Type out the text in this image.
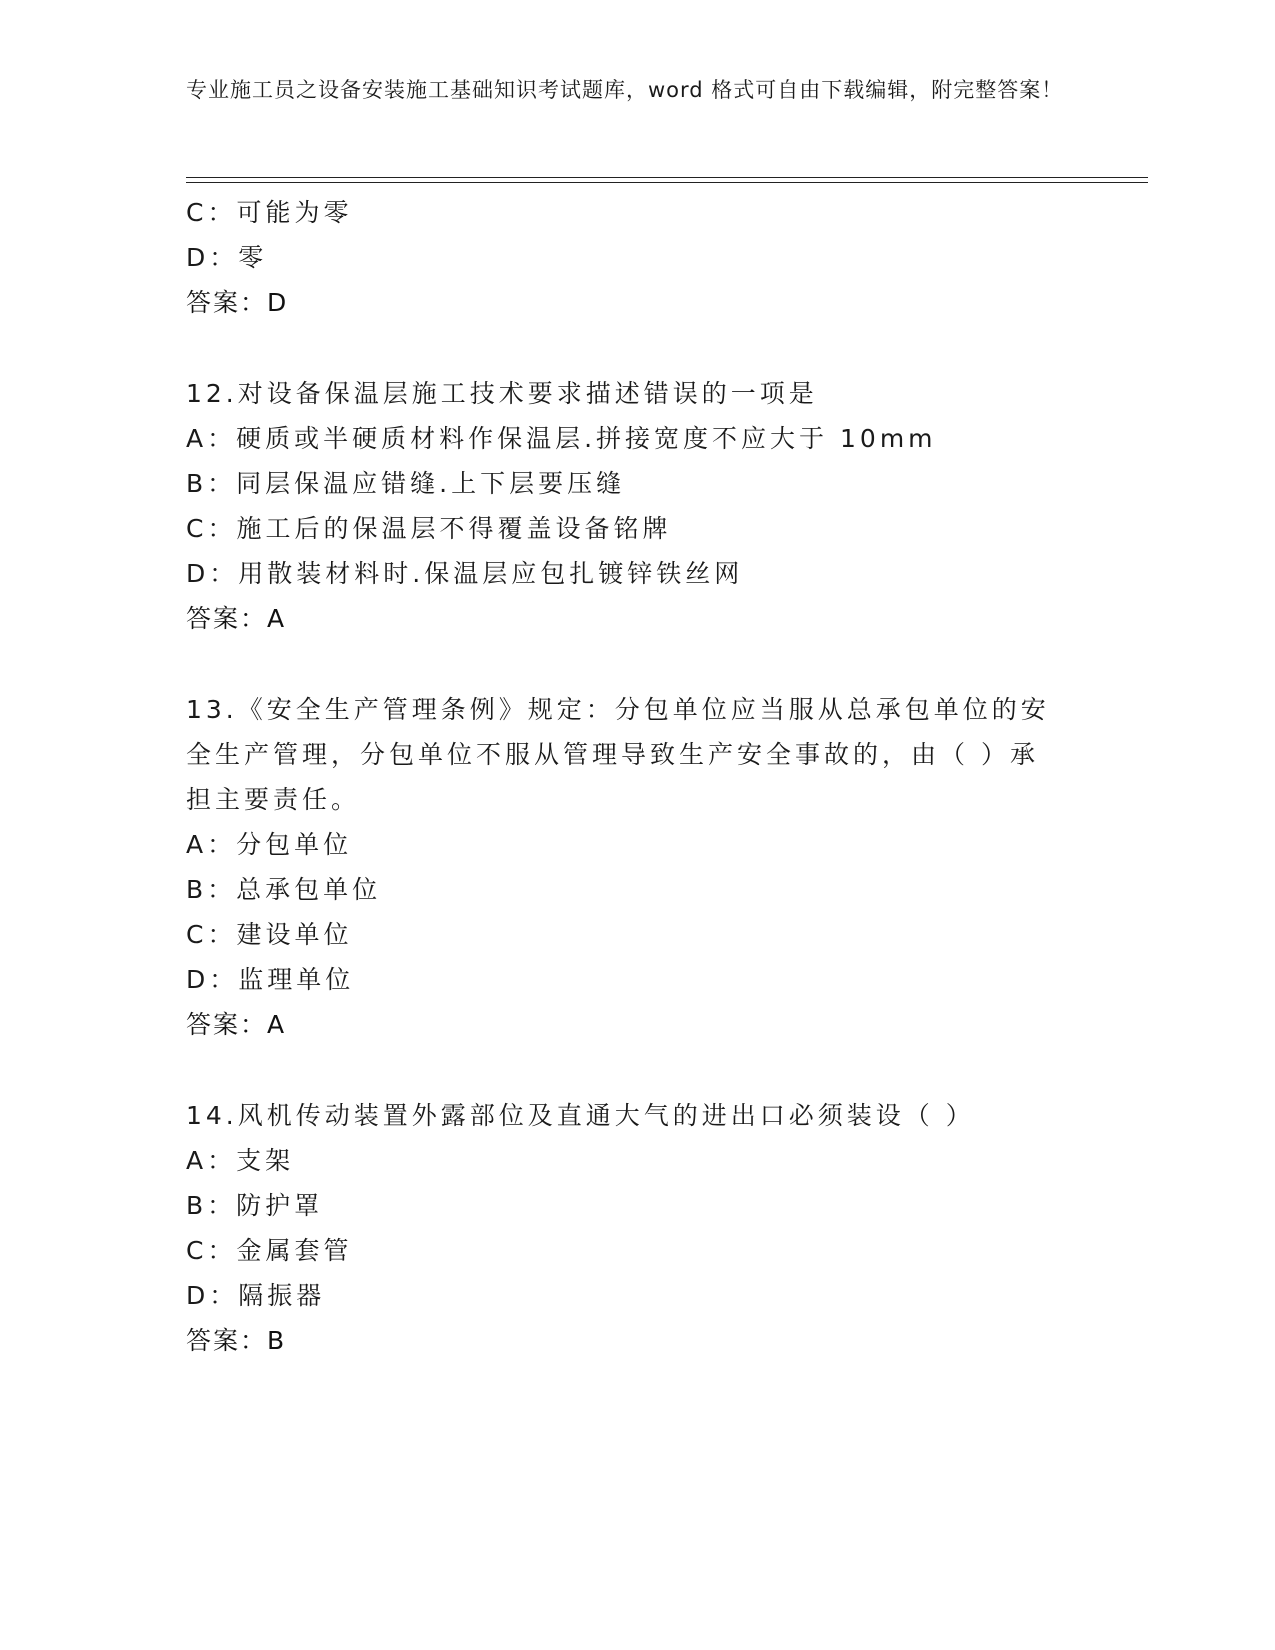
专业施工员之设备安装施工基础知识考试题库，word 格式可自由下载编辑，附完整答案！
C：可能为零
D：零
答案：D
12.对设备保温层施工技术要求描述错误的一项是
A：硬质或半硬质材料作保温层.拼接宽度不应大于 10mm
B：同层保温应错缝.上下层要压缝
C：施工后的保温层不得覆盖设备铭牌
D：用散装材料时.保温层应包扎镀锌铁丝网
答案：A
13.《安全生产管理条例》规定：分包单位应当服从总承包单位的安全生产管理，分包单位不服从管理导致生产安全事故的，由（ ）承担主要责任。
A：分包单位
B：总承包单位
C：建设单位
D：监理单位
答案：A
14.风机传动装置外露部位及直通大气的进出口必须装设（ ）
A：支架
B：防护罩
C：金属套管
D：隔振器
答案：B
